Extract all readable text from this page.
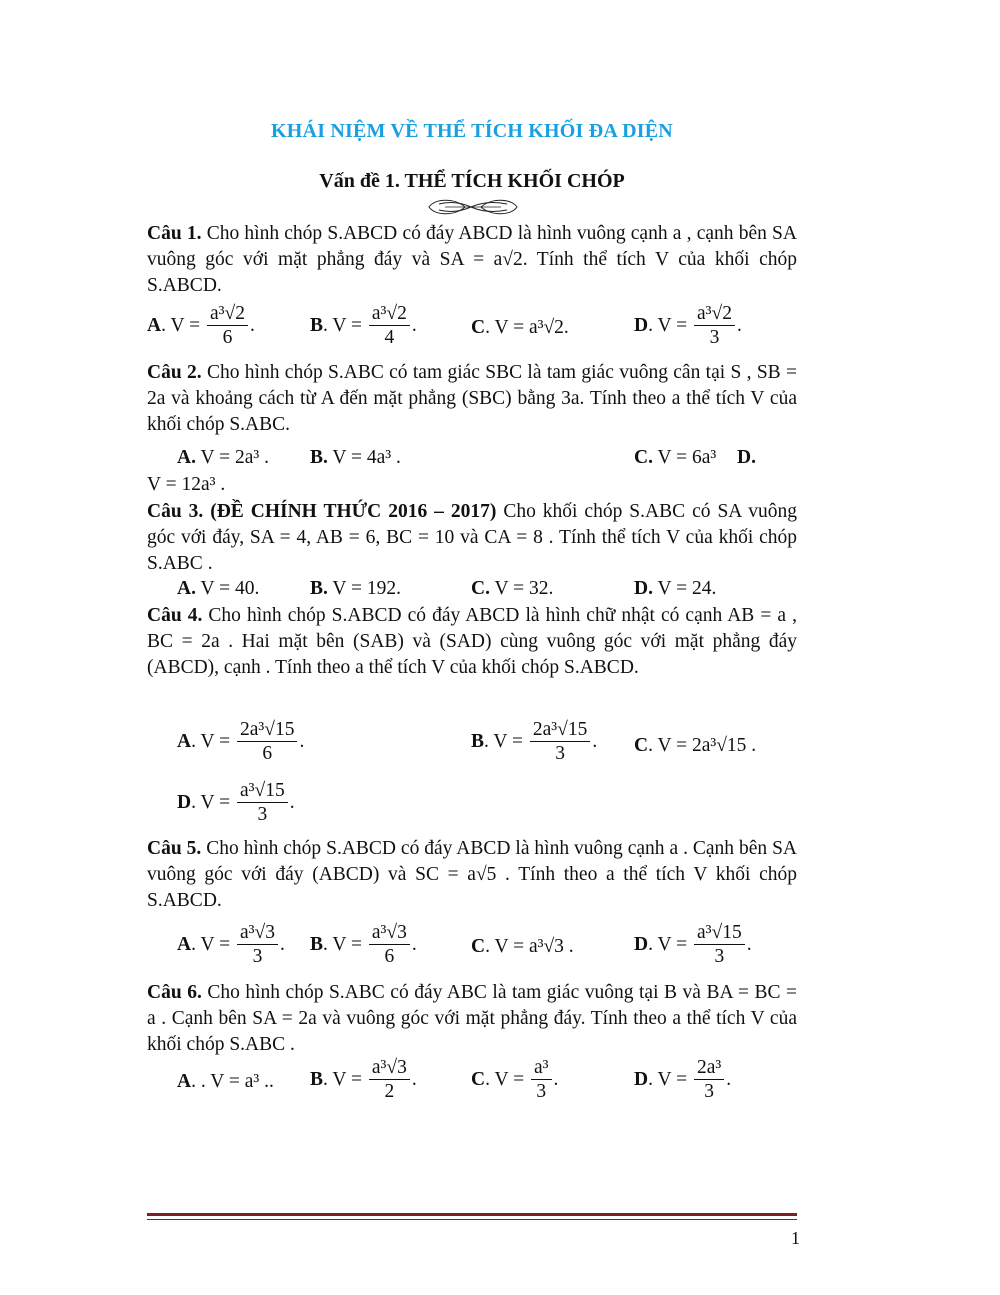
KHÁI NIỆM VỀ THỂ TÍCH KHỐI ĐA DIỆN
Vấn đề 1. THỂ TÍCH KHỐI CHÓP
Câu 1. Cho hình chóp S.ABCD có đáy ABCD là hình vuông cạnh a , cạnh bên SA vuông góc với mặt phẳng đáy và SA = a√2. Tính thể tích V của khối chóp S.ABCD.
A. $V = \frac{\text{a³√2}}{6}$ .	B. $V = \frac{\text{a³√2}}{4}$ .	C. V = a³√2.	D. $V = \frac{\text{a³√2}}{3}$ .
Câu 2. Cho hình chóp S.ABC có tam giác SBC là tam giác vuông cân tại S , SB = 2a và khoảng cách từ A đến mặt phẳng (SBC) bằng 3a. Tính theo a thể tích V của khối chóp S.ABC.
A. V = 2a³ . B. V = 4a³ .	C. V = 6a³ D.
V = 12a³ .
Câu 3. (ĐỀ CHÍNH THỨC 2016 – 2017) Cho khối chóp S.ABC có SA vuông góc với đáy, SA = 4, AB = 6, BC = 10 và CA = 8 . Tính thể tích V của khối chóp S.ABC .
A. V = 40.	B. V = 192.	C. V = 32.	D. V = 24.
Câu 4. Cho hình chóp S.ABCD có đáy ABCD là hình chữ nhật có cạnh AB = a , BC = 2a . Hai mặt bên (SAB) và (SAD) cùng vuông góc với mặt phẳng đáy (ABCD), cạnh . Tính theo a thể tích V của khối chóp S.ABCD.
A. $V = \frac{\text{2a³√15}}{6}$ .	B. $V = \frac{\text{2a³√15}}{3}$ . C. V = 2a³√15 .
D. $V = \frac{\text{a³√15}}{3}$ .
Câu 5. Cho hình chóp S.ABCD có đáy ABCD là hình vuông cạnh a . Cạnh bên SA vuông góc với đáy (ABCD) và SC = a√5 . Tính theo a thể tích V khối chóp S.ABCD.
A. $V = \frac{\text{a³√3}}{3}$ . B. $V = \frac{\text{a³√3}}{6}$ .	C. V = a³√3 .	D. $V = \frac{\text{a³√15}}{3}$ .
Câu 6. Cho hình chóp S.ABC có đáy ABC là tam giác vuông tại B và BA = BC = a . Cạnh bên SA = 2a và vuông góc với mặt phẳng đáy. Tính theo a thể tích V của khối chóp S.ABC .
A. . V = a³ .. B. $V = \frac{\text{a³√3}}{2}$ .	C. $V = \frac{\text{a³}}{3}$ .	D. $V = \frac{\text{2a³}}{3}$ .
1
